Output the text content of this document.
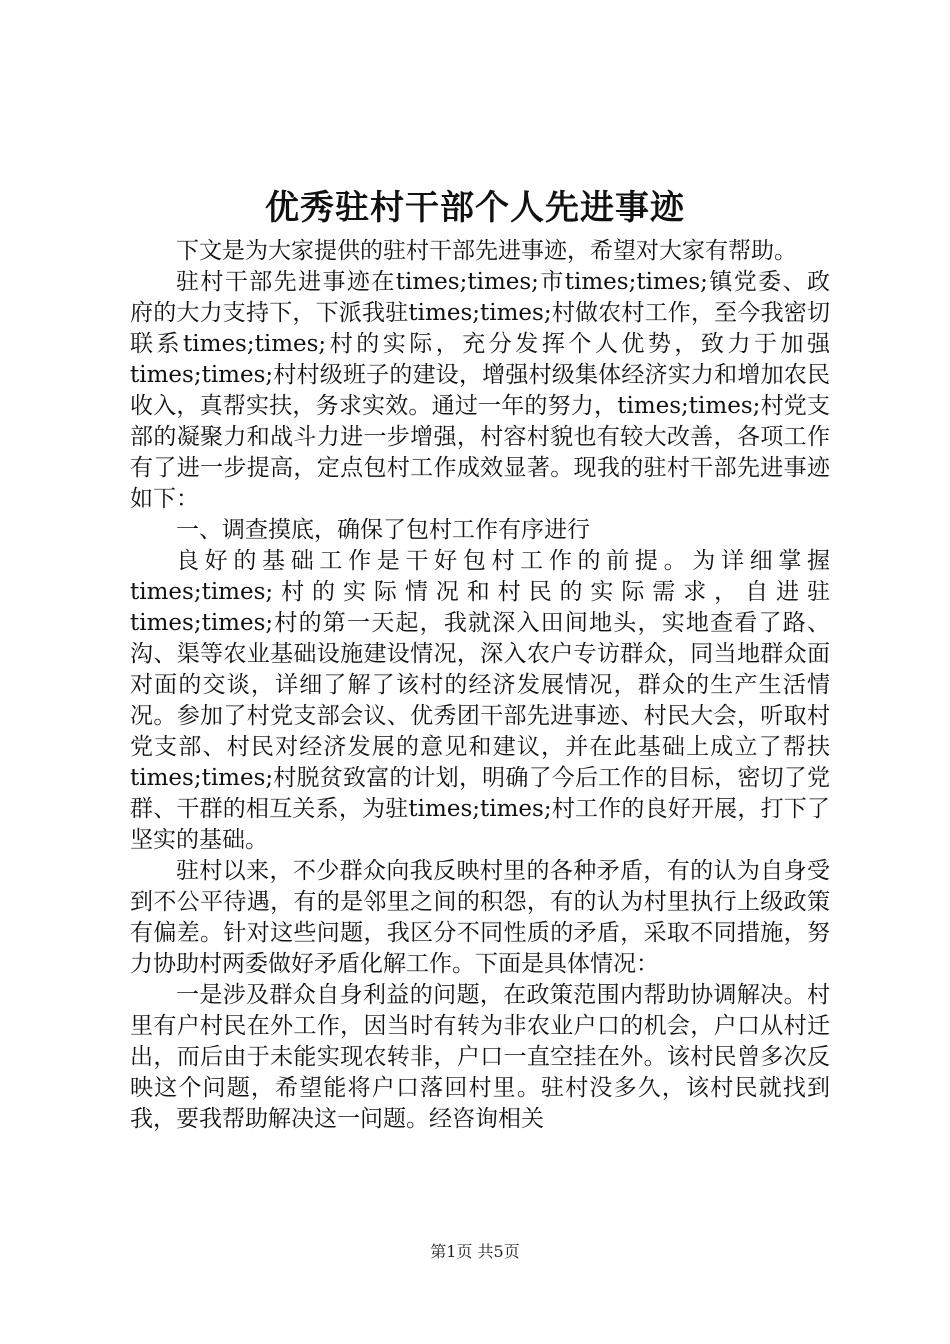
优秀驻村干部个人先进事迹

下文是为大家提供的驻村干部先进事迹，希望对大家有帮助。

驻村干部先进事迹在times;times;市times;times;镇党委、政府的大力支持下，下派我驻times;times;村做农村工作，至今我密切联系times;times;村的实际，充分发挥个人优势，致力于加强times;times;村村级班子的建设，增强村级集体经济实力和增加农民收入，真帮实扶，务求实效。通过一年的努力，times;times;村党支部的凝聚力和战斗力进一步增强，村容村貌也有较大改善，各项工作有了进一步提高，定点包村工作成效显著。现我的驻村干部先进事迹如下：

一、调查摸底，确保了包村工作有序进行

良好的基础工作是干好包村工作的前提。为详细掌握times;times;村的实际情况和村民的实际需求，自进驻times;times;村的第一天起，我就深入田间地头，实地查看了路、沟、渠等农业基础设施建设情况，深入农户专访群众，同当地群众面对面的交谈，详细了解了该村的经济发展情况，群众的生产生活情况。参加了村党支部会议、优秀团干部先进事迹、村民大会，听取村党支部、村民对经济发展的意见和建议，并在此基础上成立了帮扶times;times;村脱贫致富的计划，明确了今后工作的目标，密切了党群、干群的相互关系，为驻times;times;村工作的良好开展，打下了坚实的基础。

驻村以来，不少群众向我反映村里的各种矛盾，有的认为自身受到不公平待遇，有的是邻里之间的积怨，有的认为村里执行上级政策有偏差。针对这些问题，我区分不同性质的矛盾，采取不同措施，努力协助村两委做好矛盾化解工作。下面是具体情况：

一是涉及群众自身利益的问题，在政策范围内帮助协调解决。村里有户村民在外工作，因当时有转为非农业户口的机会，户口从村迁出，而后由于未能实现农转非，户口一直空挂在外。该村民曾多次反映这个问题，希望能将户口落回村里。驻村没多久，该村民就找到我，要我帮助解决这一问题。经咨询相关

第1页 共5页
